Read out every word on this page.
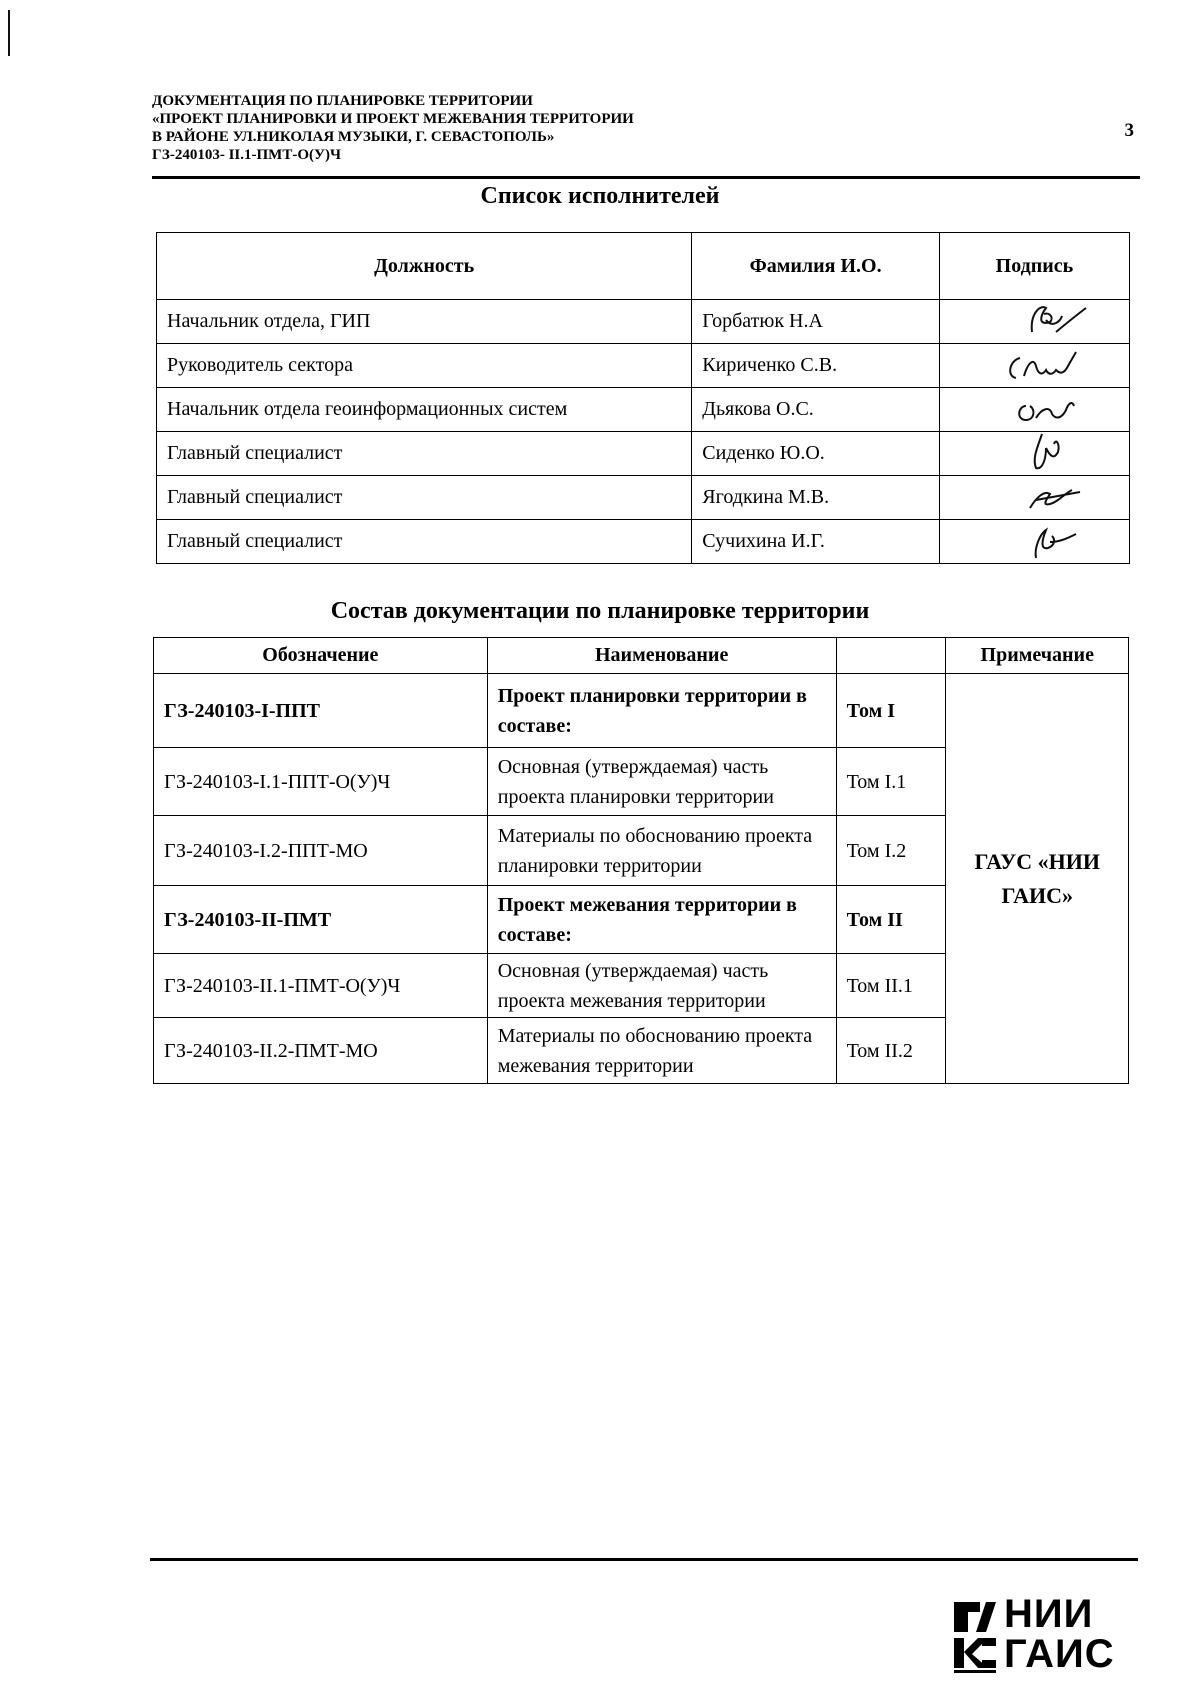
ДОКУМЕНТАЦИЯ ПО ПЛАНИРОВКЕ ТЕРРИТОРИИ
«ПРОЕКТ ПЛАНИРОВКИ И ПРОЕКТ МЕЖЕВАНИЯ ТЕРРИТОРИИ
В РАЙОНЕ УЛ.НИКОЛАЯ МУЗЫКИ, Г. СЕВАСТОПОЛЬ»
ГЗ-240103- II.1-ПМТ-О(У)Ч
3
Список исполнителей
Должность	Фамилия И.О.	Подпись
Начальник отдела, ГИП	Горбатюк Н.А	

Руководитель сектора	Кириченко С.В.	

Начальник отдела геоинформационных систем	Дьякова О.С.	

Главный специалист	Сиденко Ю.О.	

Главный специалист	Ягодкина М.В.	

Главный специалист	Сучихина И.Г.	
Состав документации по планировке территории
Обозначение	Наименование		Примечание
ГЗ-240103-I-ППТ	Проект планировки территории в составе:	Том I	ГАУС «НИИ ГАИС»
ГЗ-240103-I.1-ППТ-О(У)Ч	Основная (утверждаемая) часть проекта планировки территории	Том I.1	
ГЗ-240103-I.2-ППТ-МО	Материалы по обоснованию проекта планировки территории	Том I.2	
ГЗ-240103-II-ПМТ	Проект межевания территории в составе:	Том II	
ГЗ-240103-II.1-ПМТ-О(У)Ч	Основная (утверждаемая) часть проекта межевания территории	Том II.1	
ГЗ-240103-II.2-ПМТ-МО	Материалы по обоснованию проекта межевания территории	Том II.2	
НИИ
ГАИС
